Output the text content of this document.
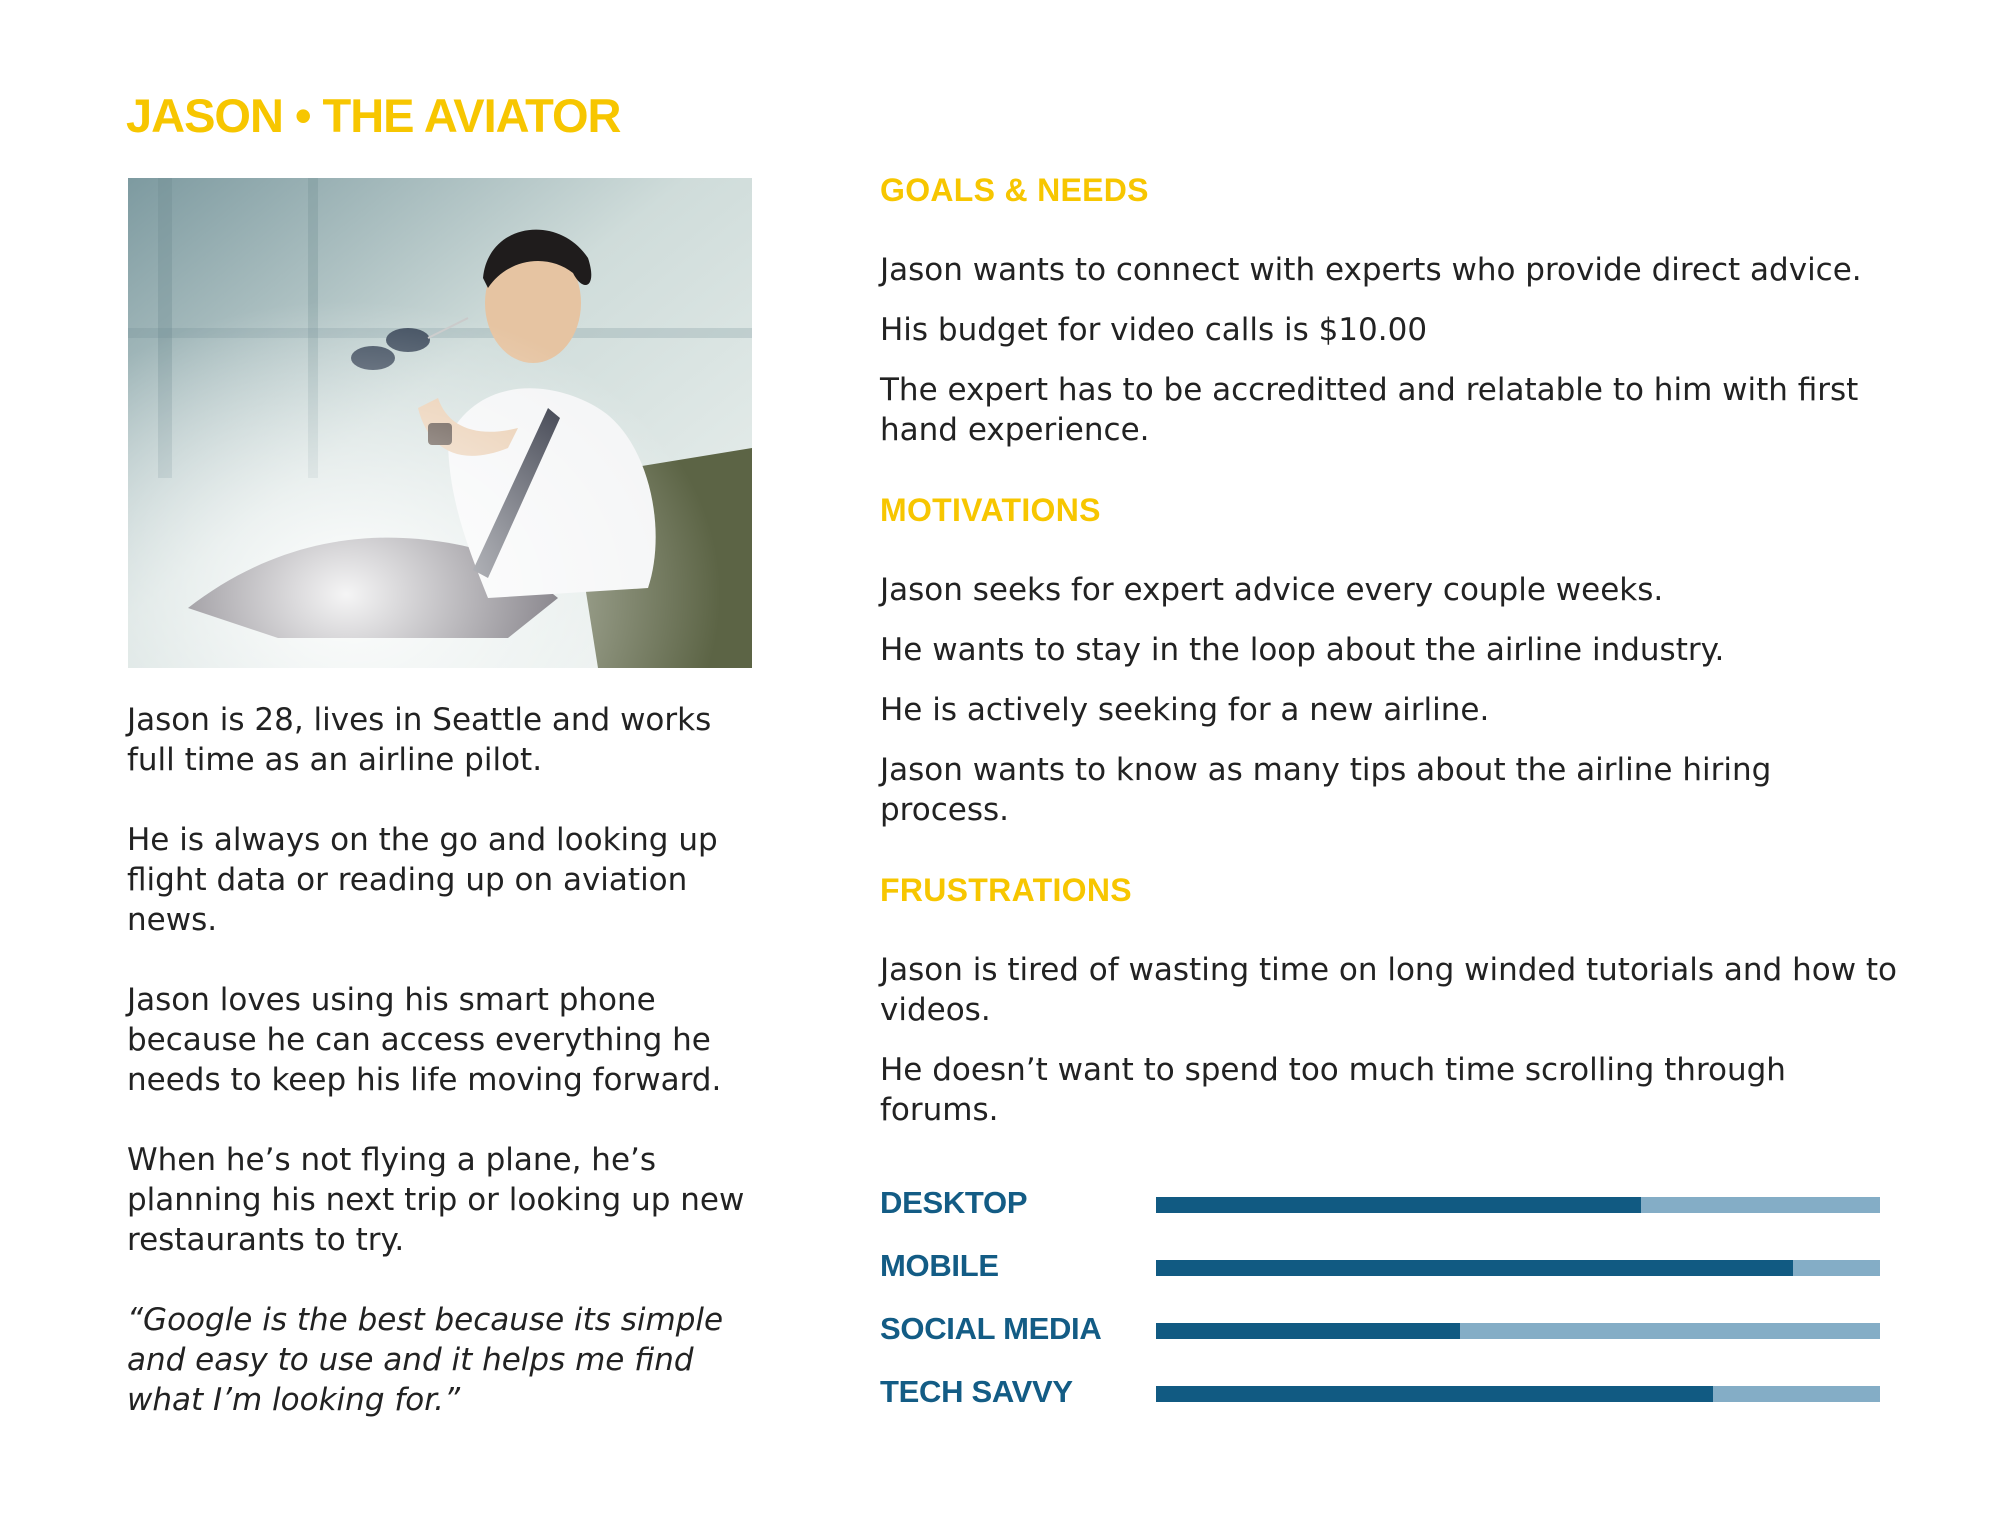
JASON • THE AVIATOR

Jason is 28, lives in Seattle and works full time as an airline pilot.

He is always on the go and looking up flight data or reading up on aviation news.

Jason loves using his smart phone because he can access everything he needs to keep his life moving forward.

When he’s not flying a plane, he’s planning his next trip or looking up new restaurants to try.

“Google is the best because its simple and easy to use and it helps me find what I’m looking for.”

GOALS & NEEDS

Jason wants to connect with experts who provide direct advice.

His budget for video calls is $10.00

The expert has to be accreditted and relatable to him with first hand experience.

MOTIVATIONS

Jason seeks for expert advice every couple weeks.

He wants to stay in the loop about the airline industry.

He is actively seeking for a new airline.

Jason wants to know as many tips about the airline hiring process.

FRUSTRATIONS

Jason is tired of wasting time on long winded tutorials and how to videos.

He doesn’t want to spend too much time scrolling through forums.

DESKTOP
MOBILE
SOCIAL MEDIA
TECH SAVVY
